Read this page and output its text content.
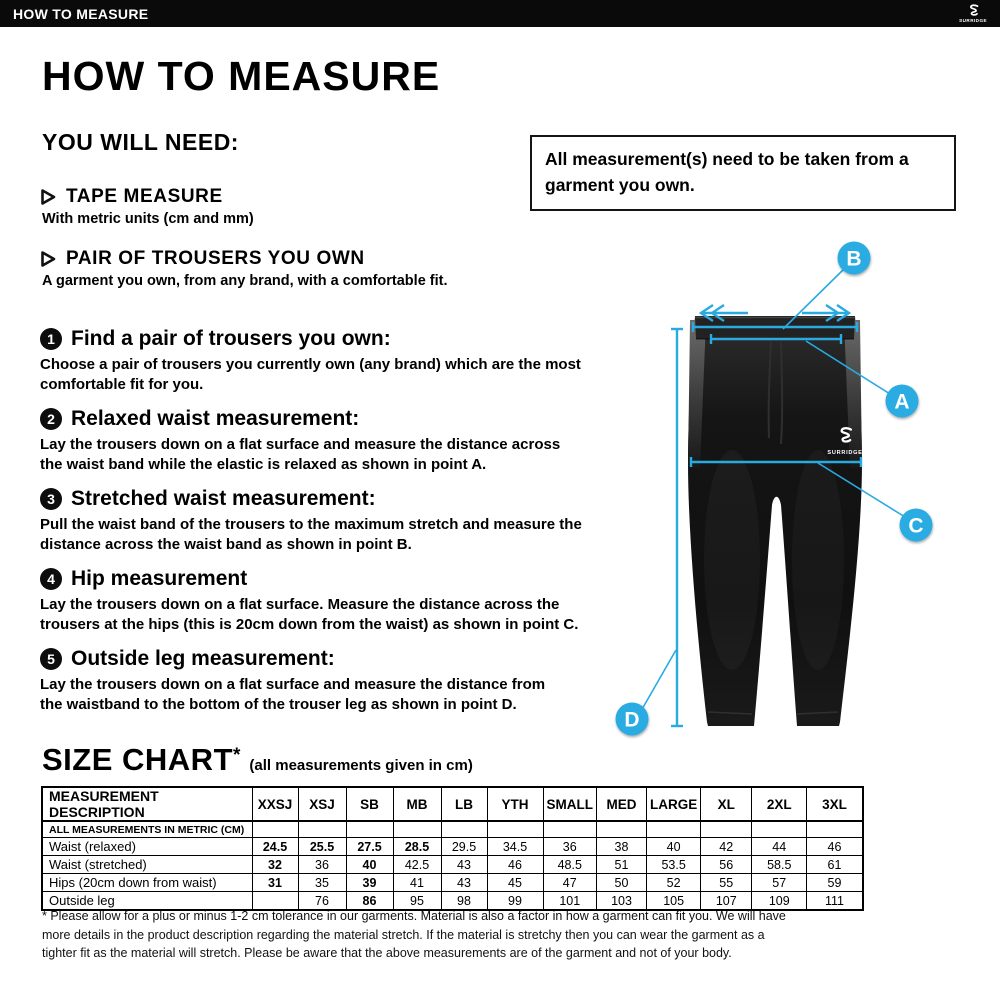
HOW TO MEASURE	SURRIDGE
HOW TO MEASURE
YOU WILL NEED:
All measurement(s) need to be taken from a
garment you own.
TAPE MEASURE
With metric units (cm and mm)
PAIR OF TROUSERS YOU OWN
A garment you own, from any brand, with a comfortable fit.
1 Find a pair of trousers you own:
Choose a pair of trousers you currently own (any brand) which are the most
comfortable fit for you.
2 Relaxed waist measurement:
Lay the trousers down on a flat surface and measure the distance across
the waist band while the elastic is relaxed as shown in point A.
3 Stretched waist measurement:
Pull the waist band of the trousers to the maximum stretch and measure the
distance across the waist band as shown in point B.
4 Hip measurement
Lay the trousers down on a flat surface. Measure the distance across the
trousers at the hips (this is 20cm down from the waist) as shown in point C.
5 Outside leg measurement:
Lay the trousers down on a flat surface and measure the distance from
the waistband to the bottom of the trouser leg as shown in point D.
SURRIDGE
B
A
C
D
SIZE CHART* (all measurements given in cm)
MEASUREMENT DESCRIPTION	XXSJ	XSJ	SB	MB	LB	YTH	SMALL	MED	LARGE	XL	2XL	3XL
ALL MEASUREMENTS IN METRIC (CM)												
Waist (relaxed)	24.5	25.5	27.5	28.5	29.5	34.5	36	38	40	42	44	46
Waist (stretched)	32	36	40	42.5	43	46	48.5	51	53.5	56	58.5	61
Hips (20cm down from waist)	31	35	39	41	43	45	47	50	52	55	57	59
Outside leg		76	86	95	98	99	101	103	105	107	109	111
* Please allow for a plus or minus 1-2 cm tolerance in our garments. Material is also a factor in how a garment can fit you. We will have
more details in the product description regarding the material stretch. If the material is stretchy then you can wear the garment as a
tighter fit as the material will stretch. Please be aware that the above measurements are of the garment and not of your body.
